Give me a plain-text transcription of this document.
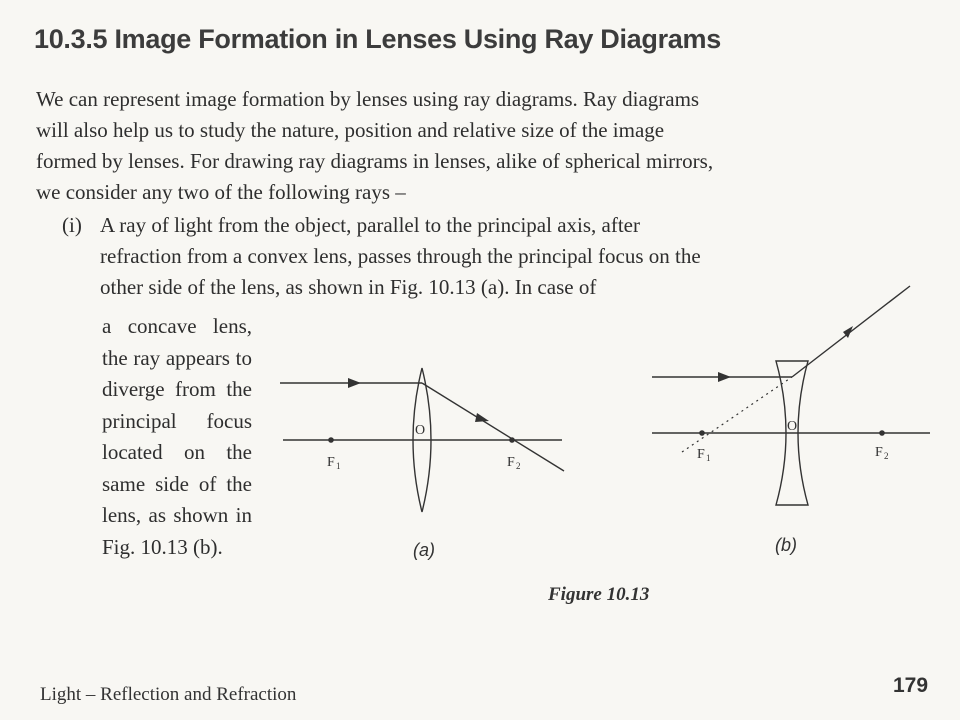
10.3.5 Image Formation in Lenses Using Ray Diagrams

We can represent image formation by lenses using ray diagrams. Ray diagrams will also help us to study the nature, position and relative size of the image formed by lenses. For drawing ray diagrams in lenses, alike of spherical mirrors, we consider any two of the following rays –

(i) A ray of light from the object, parallel to the principal axis, after refraction from a convex lens, passes through the principal focus on the other side of the lens, as shown in Fig. 10.13 (a). In case of

a concave lens, the ray appears to diverge from the principal focus located on the same side of the lens, as shown in Fig. 10.13 (b).

O
F 1	F 2
O
F 1	F 2
(a)	(b)
Figure 10.13
Light – Reflection and Refraction	179
